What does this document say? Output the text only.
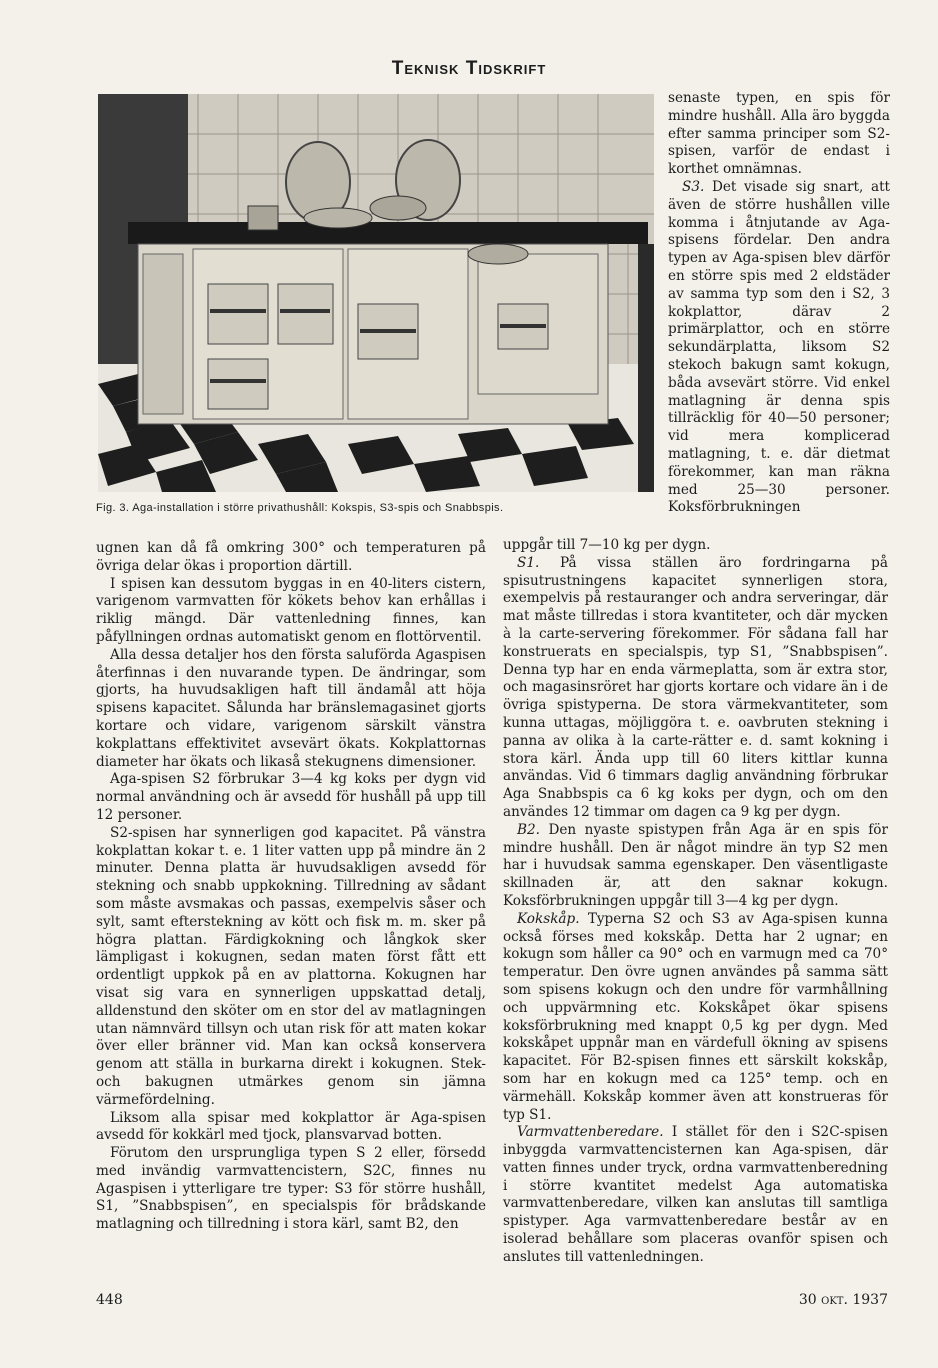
Teknisk Tidskrift
Fig. 3. Aga-installation i större privathushåll: Kokspis, S3-spis och Snabbspis.

senaste typen, en spis för mindre hushåll. Alla äro byggda efter samma principer som S2-spisen, varför de endast i korthet omnämnas.

S3. Det visade sig snart, att även de större hushållen ville komma i åtnjutande av Aga-spisens fördelar. Den andra typen av Aga-spisen blev därför en större spis med 2 eldstäder av samma typ som den i S2, 3 kokplattor, därav 2 primärplattor, och en större sekundärplatta, liksom S2 stekoch bakugn samt kokugn, båda avsevärt större. Vid enkel matlagning är denna spis tillräcklig för 40—50 personer; vid mera komplicerad matlagning, t. e. där dietmat förekommer, kan man räkna med 25—30 personer. Koksförbrukningen

ugnen kan då få omkring 300° och temperaturen på övriga delar ökas i proportion därtill.

I spisen kan dessutom byggas in en 40-liters cistern, varigenom varmvatten för kökets behov kan erhållas i riklig mängd. Där vattenledning finnes, kan påfyllningen ordnas automatiskt genom en flottörventil.

Alla dessa detaljer hos den första saluförda Agaspisen återfinnas i den nuvarande typen. De ändringar, som gjorts, ha huvudsakligen haft till ändamål att höja spisens kapacitet. Sålunda har bränslemagasinet gjorts kortare och vidare, varigenom särskilt vänstra kokplattans effektivitet avsevärt ökats. Kokplattornas diameter har ökats och likaså stekugnens dimensioner.

Aga-spisen S2 förbrukar 3—4 kg koks per dygn vid normal användning och är avsedd för hushåll på upp till 12 personer.

S2-spisen har synnerligen god kapacitet. På vänstra kokplattan kokar t. e. 1 liter vatten upp på mindre än 2 minuter. Denna platta är huvudsakligen avsedd för stekning och snabb uppkokning. Tillredning av sådant som måste avsmakas och passas, exempelvis såser och sylt, samt efterstekning av kött och fisk m. m. sker på högra plattan. Färdigkokning och långkok sker lämpligast i kokugnen, sedan maten först fått ett ordentligt uppkok på en av plattorna. Kokugnen har visat sig vara en synnerligen uppskattad detalj, alldenstund den sköter om en stor del av matlagningen utan nämnvärd tillsyn och utan risk för att maten kokar över eller bränner vid. Man kan också konservera genom att ställa in burkarna direkt i kokugnen. Stek- och bakugnen utmärkes genom sin jämna värmefördelning.

Liksom alla spisar med kokplattor är Aga-spisen avsedd för kokkärl med tjock, plansvarvad botten.

Förutom den ursprungliga typen S 2 eller, försedd med invändig varmvattencistern, S2C, finnes nu Agaspisen i ytterligare tre typer: S3 för större hushåll, S1, ”Snabbspisen”, en specialspis för brådskande matlagning och tillredning i stora kärl, samt B2, den

uppgår till 7—10 kg per dygn.

S1. På vissa ställen äro fordringarna på spisutrustningens kapacitet synnerligen stora, exempelvis på restauranger och andra serveringar, där mat måste tillredas i stora kvantiteter, och där mycken à la carte-servering förekommer. För sådana fall har konstruerats en specialspis, typ S1, ”Snabbspisen”. Denna typ har en enda värmeplatta, som är extra stor, och magasinsröret har gjorts kortare och vidare än i de övriga spistyperna. De stora värmekvantiteter, som kunna uttagas, möjliggöra t. e. oavbruten stekning i panna av olika à la carte-rätter e. d. samt kokning i stora kärl. Ända upp till 60 liters kittlar kunna användas. Vid 6 timmars daglig användning förbrukar Aga Snabbspis ca 6 kg koks per dygn, och om den användes 12 timmar om dagen ca 9 kg per dygn.

B2. Den nyaste spistypen från Aga är en spis för mindre hushåll. Den är något mindre än typ S2 men har i huvudsak samma egenskaper. Den väsentligaste skillnaden är, att den saknar kokugn. Koksförbrukningen uppgår till 3—4 kg per dygn.

Kokskåp. Typerna S2 och S3 av Aga-spisen kunna också förses med kokskåp. Detta har 2 ugnar; en kokugn som håller ca 90° och en varmugn med ca 70° temperatur. Den övre ugnen användes på samma sätt som spisens kokugn och den undre för varmhållning och uppvärmning etc. Kokskåpet ökar spisens koksförbrukning med knappt 0,5 kg per dygn. Med kokskåpet uppnår man en värdefull ökning av spisens kapacitet. För B2-spisen finnes ett särskilt kokskåp, som har en kokugn med ca 125° temp. och en värmehäll. Kokskåp kommer även att konstrueras för typ S1.

Varmvattenberedare. I stället för den i S2C-spisen inbyggda varmvattencisternen kan Aga-spisen, där vatten finnes under tryck, ordna varmvattenberedning i större kvantitet medelst Aga automatiska varmvattenberedare, vilken kan anslutas till samtliga spistyper. Aga varmvattenberedare består av en isolerad behållare som placeras ovanför spisen och anslutes till vattenledningen.

448	30 okt. 1937
